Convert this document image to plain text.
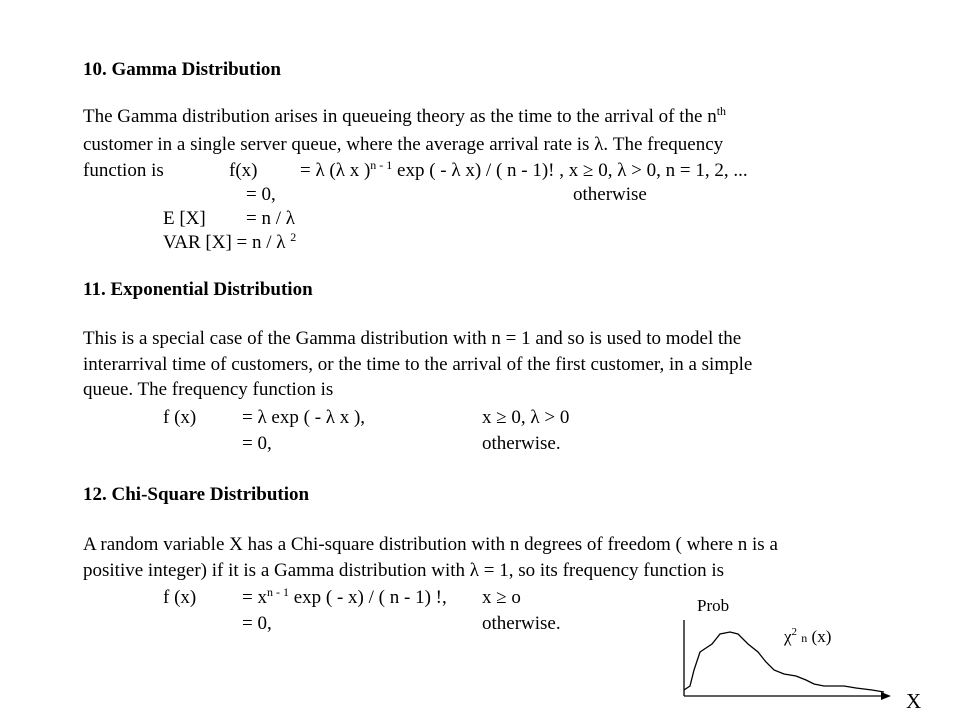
10. Gamma Distribution
The Gamma distribution arises in queueing theory as the time to the arrival of the $n^{th}$
customer in a single server queue, where the average arrival rate is λ. The frequency
function is	f(x) = λ (λ x )$^{n - 1}$ exp ( - λ x) / ( n - 1)! , x ≥ 0, λ > 0, n = 1, 2, ...
= 0,	otherwise
E [X] = n / λ
VAR [X] = n / λ $^2$
11. Exponential Distribution
This is a special case of the Gamma distribution with n = 1 and so is used to model the
interarrival time of customers, or the time to the arrival of the first customer, in a simple
queue. The frequency function is
f (x) = λ exp ( - λ x ),	x ≥ 0, λ > 0
= 0,	otherwise.
12. Chi-Square Distribution
A random variable X has a Chi-square distribution with n degrees of freedom ( where n is a
positive integer) if it is a Gamma distribution with λ = 1, so its frequency function is
f $(x) = x^{n - 1}$ exp ( - x) / ( n - 1) !, x ≥ o
= 0,	otherwise.
Prob
$\chi^2$ n (x)
X
